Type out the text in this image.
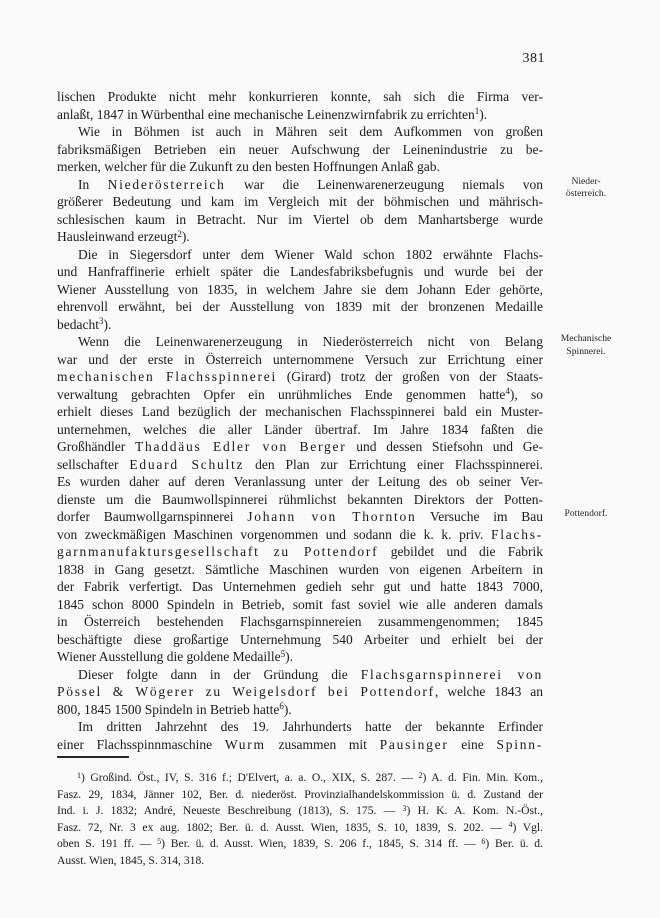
381
lischen Produkte nicht mehr konkurrieren konnte, sah sich die Firma ver-
anlaßt, 1847 in Würbenthal eine mechanische Leinenzwirnfabrik zu errichten$^1$).
Wie in Böhmen ist auch in Mähren seit dem Aufkommen von großen
fabriksmäßigen Betrieben ein neuer Aufschwung der Leinenindustrie zu be-
merken, welcher für die Zukunft zu den besten Hoffnungen Anlaß gab.
In Niederösterreich war die Leinenwarenerzeugung niemals von
größerer Bedeutung und kam im Vergleich mit der böhmischen und mährisch-
schlesischen kaum in Betracht. Nur im Viertel ob dem Manhartsberge wurde
Hausleinwand erzeugt$^2$).
Die in Siegersdorf unter dem Wiener Wald schon 1802 erwähnte Flachs-
und Hanfraffinerie erhielt später die Landesfabriksbefugnis und wurde bei der
Wiener Ausstellung von 1835, in welchem Jahre sie dem Johann Eder gehörte,
ehrenvoll erwähnt, bei der Ausstellung von 1839 mit der bronzenen Medaille
bedacht$^3$).
Wenn die Leinenwarenerzeugung in Niederösterreich nicht von Belang
war und der erste in Österreich unternommene Versuch zur Errichtung einer
mechanischen Flachsspinnerei (Girard) trotz der großen von der Staats-
verwaltung gebrachten Opfer ein unrühmliches Ende genommen hatte$^4$), so
erhielt dieses Land bezüglich der mechanischen Flachsspinnerei bald ein Muster-
unternehmen, welches die aller Länder übertraf. Im Jahre 1834 faßten die
Großhändler Thaddäus Edler von Berger und dessen Stiefsohn und Ge-
sellschafter Eduard Schultz den Plan zur Errichtung einer Flachsspinnerei.
Es wurden daher auf deren Veranlassung unter der Leitung des ob seiner Ver-
dienste um die Baumwollspinnerei rühmlichst bekannten Direktors der Potten-
dorfer Baumwollgarnspinnerei Johann von Thornton Versuche im Bau
von zweckmäßigen Maschinen vorgenommen und sodann die k. k. priv. Flachs-
garnmanufaktursgesellschaft zu Pottendorf gebildet und die Fabrik
1838 in Gang gesetzt. Sämtliche Maschinen wurden von eigenen Arbeitern in
der Fabrik verfertigt. Das Unternehmen gedieh sehr gut und hatte 1843 7000,
1845 schon 8000 Spindeln in Betrieb, somit fast soviel wie alle anderen damals
in Österreich bestehenden Flachsgarnspinnereien zusammengenommen; 1845
beschäftigte diese großartige Unternehmung 540 Arbeiter und erhielt bei der
Wiener Ausstellung die goldene Medaille$^5$).
Dieser folgte dann in der Gründung die Flachsgarnspinnerei von
Pössel & Wögerer zu Weigelsdorf bei Pottendorf, welche 1843 an
800, 1845 1500 Spindeln in Betrieb hatte$^6$).
Im dritten Jahrzehnt des 19. Jahrhunderts hatte der bekannte Erfinder
einer Flachsspinnmaschine Wurm zusammen mit Pausinger eine Spinn-
Nieder-
österreich.
Mechanische
Spinnerei.
Pottendorf.
$^1$) Großind. Öst., IV, S. 316 f.; D'Elvert, a. a. O., XIX, S. 287. — $^2$) A. d. Fin. Min. Kom.,
Fasz. 29, 1834, Jänner 102, Ber. d. niederöst. Provinzialhandelskommission ü. d. Zustand der
Ind. i. J. 1832; André, Neueste Beschreibung (1813), S. 175. — $^3$) H. K. A. Kom. N.-Öst.,
Fasz. 72, Nr. 3 ex aug. 1802; Ber. ü. d. Ausst. Wien, 1835, S. 10, 1839, S. 202. — $^4$) Vgl.
oben S. 191 ff. — $^5$) Ber. ü. d. Ausst. Wien, 1839, S. 206 f., 1845, S. 314 ff. — $^6$) Ber. ü. d.
Ausst. Wien, 1845, S. 314, 318.
